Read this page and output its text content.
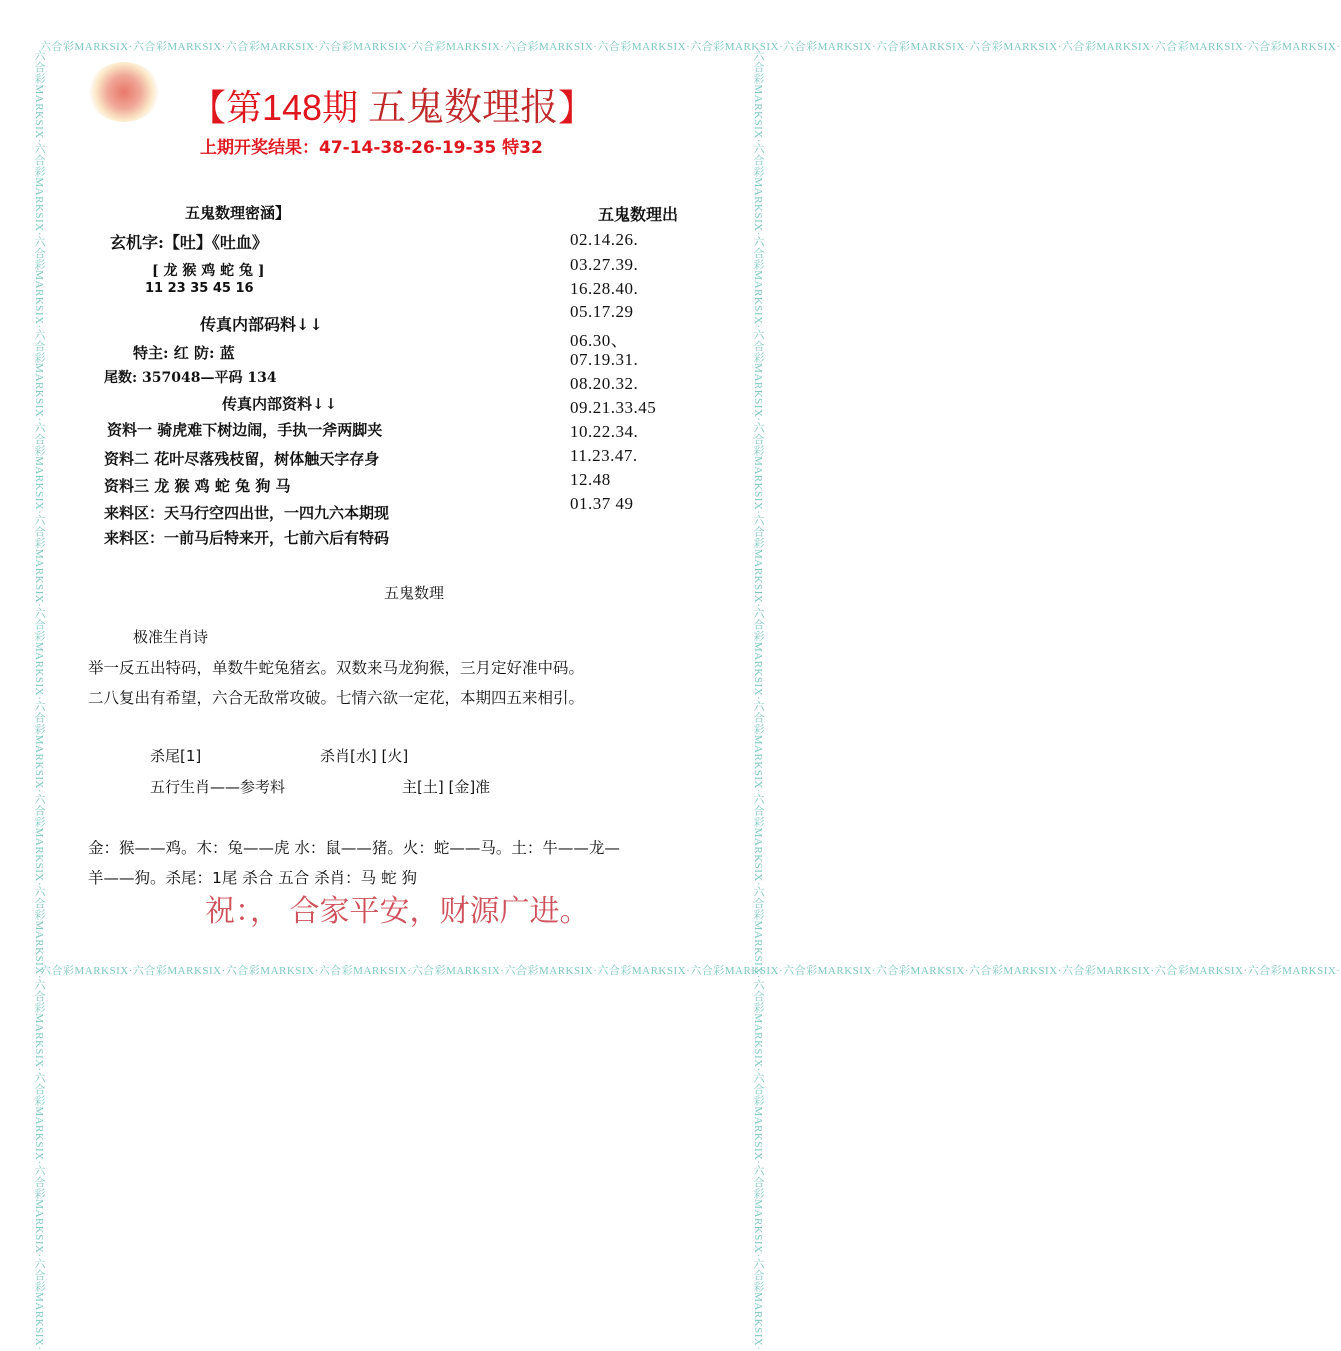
六合彩MARKSIX·六合彩MARKSIX·六合彩MARKSIX·六合彩MARKSIX·六合彩MARKSIX·六合彩MARKSIX·六合彩MARKSIX·六合彩MARKSIX·六合彩MARKSIX·六合彩MARKSIX·六合彩MARKSIX·六合彩MARKSIX·六合彩MARKSIX·六合彩MARKSIX·
六合彩MARKSIX·六合彩MARKSIX·六合彩MARKSIX·六合彩MARKSIX·六合彩MARKSIX·六合彩MARKSIX·六合彩MARKSIX·六合彩MARKSIX·六合彩MARKSIX·六合彩MARKSIX·六合彩MARKSIX·六合彩MARKSIX·六合彩MARKSIX·六合彩MARKSIX·
六合彩MARKSIX·六合彩MARKSIX·六合彩MARKSIX·六合彩MARKSIX·六合彩MARKSIX·六合彩MARKSIX·六合彩MARKSIX·六合彩MARKSIX·六合彩MARKSIX·六合彩MARKSIX·六合彩MARKSIX·六合彩MARKSIX·六合彩MARKSIX·六合彩MARKSIX·	六合彩MARKSIX·六合彩MARKSIX·六合彩MARKSIX·六合彩MARKSIX·六合彩MARKSIX·六合彩MARKSIX·六合彩MARKSIX·六合彩MARKSIX·六合彩MARKSIX·六合彩MARKSIX·六合彩MARKSIX·六合彩MARKSIX·六合彩MARKSIX·六合彩MARKSIX·
【第148期 五鬼数理报】
上期开奖结果：47-14-38-26-19-35 特32
五鬼数理密涵】
玄机字:【吐】《吐血》
[ 龙 猴 鸡 蛇 兔 ]
11 23 35 45 16
传真内部码料↓↓
特主: 红 防: 蓝
尾数: 357048—平码 134
传真内部资料↓↓
资料一 骑虎难下树边闹，手执一斧两脚夹
资料二 花叶尽落残枝留，树体触天字存身
资料三 龙 猴 鸡 蛇 兔 狗 马
来料区：天马行空四出世，一四九六本期现
来料区：一前马后特来开，七前六后有特码
五鬼数理出
02.14.26.
03.27.39.
16.28.40.
05.17.29
06.30、
07.19.31.
08.20.32.
09.21.33.45
10.22.34.
11.23.47.
12.48
01.37 49
五鬼数理
极准生肖诗
举一反五出特码，单数牛蛇兔猪玄。双数来马龙狗猴，三月定好准中码。
二八复出有希望，六合无敌常攻破。七情六欲一定花，本期四五来相引。
杀尾[1]	杀肖[水] [火]
五行生肖——参考料	主[土] [金]准
金：猴——鸡。木：兔——虎 水：鼠——猪。火：蛇——马。土：牛——龙—
羊——狗。杀尾：1尾 杀合 五合 杀肖：马 蛇 狗
祝：， 合家平安，财源广进。
